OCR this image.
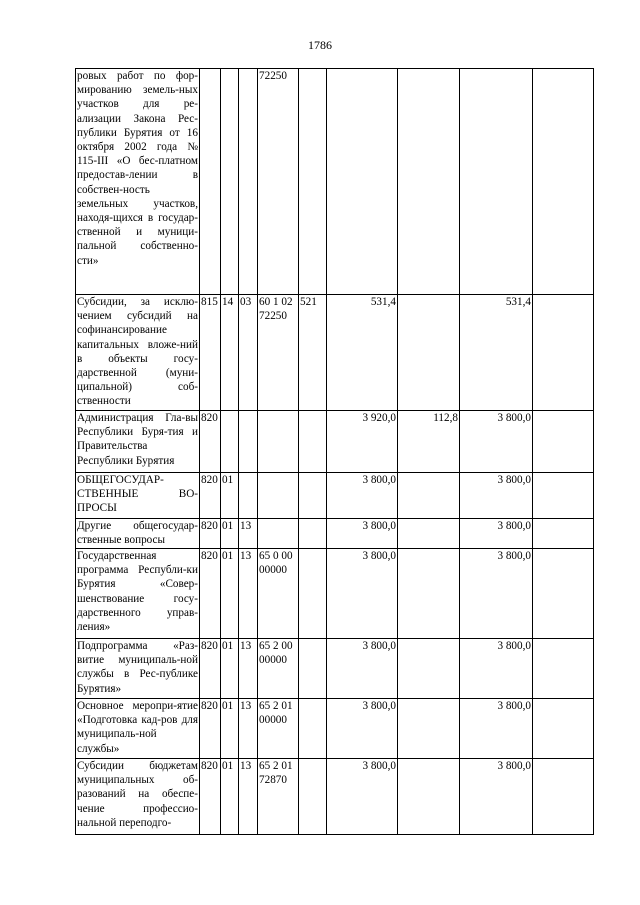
1786
ровых работ по фор-мированию земель-ных участков для ре-ализации Закона Рес-публики Бурятия от 16 октября 2002 года № 115-III «О бес-платном предостав-лении в собствен-ность земельных участков, находя-щихся в государ-ственной и муници-пальной собственно-сти»				72250					
Субсидии, за исклю-чением субсидий на софинансирование капитальных вложе-ний в объекты госу-дарственной (муни-ципальной) соб-ственности	815	14	03	60 1 02 72250	521	531,4		531,4	
Администрация Гла-вы Республики Буря-тия и Правительства Республики Бурятия	820					3 920,0	112,8	3 800,0	
ОБЩЕГОСУДАР-СТВЕННЫЕ ВО-ПРОСЫ	820	01				3 800,0		3 800,0	
Другие общегосудар-ственные вопросы	820	01	13			3 800,0		3 800,0	
Государственная программа Республи-ки Бурятия «Совер-шенствование госу-дарственного управ-ления»	820	01	13	65 0 00 00000		3 800,0		3 800,0	
Подпрограмма «Раз-витие муниципаль-ной службы в Рес-публике Бурятия»	820	01	13	65 2 00 00000		3 800,0		3 800,0	
Основное меропри-ятие «Подготовка кад-ров для муниципаль-ной службы»	820	01	13	65 2 01 00000		3 800,0		3 800,0	
Субсидии бюджетам муниципальных об-разований на обеспе-чение профессио-нальной переподго-	820	01	13	65 2 01 72870		3 800,0		3 800,0	
